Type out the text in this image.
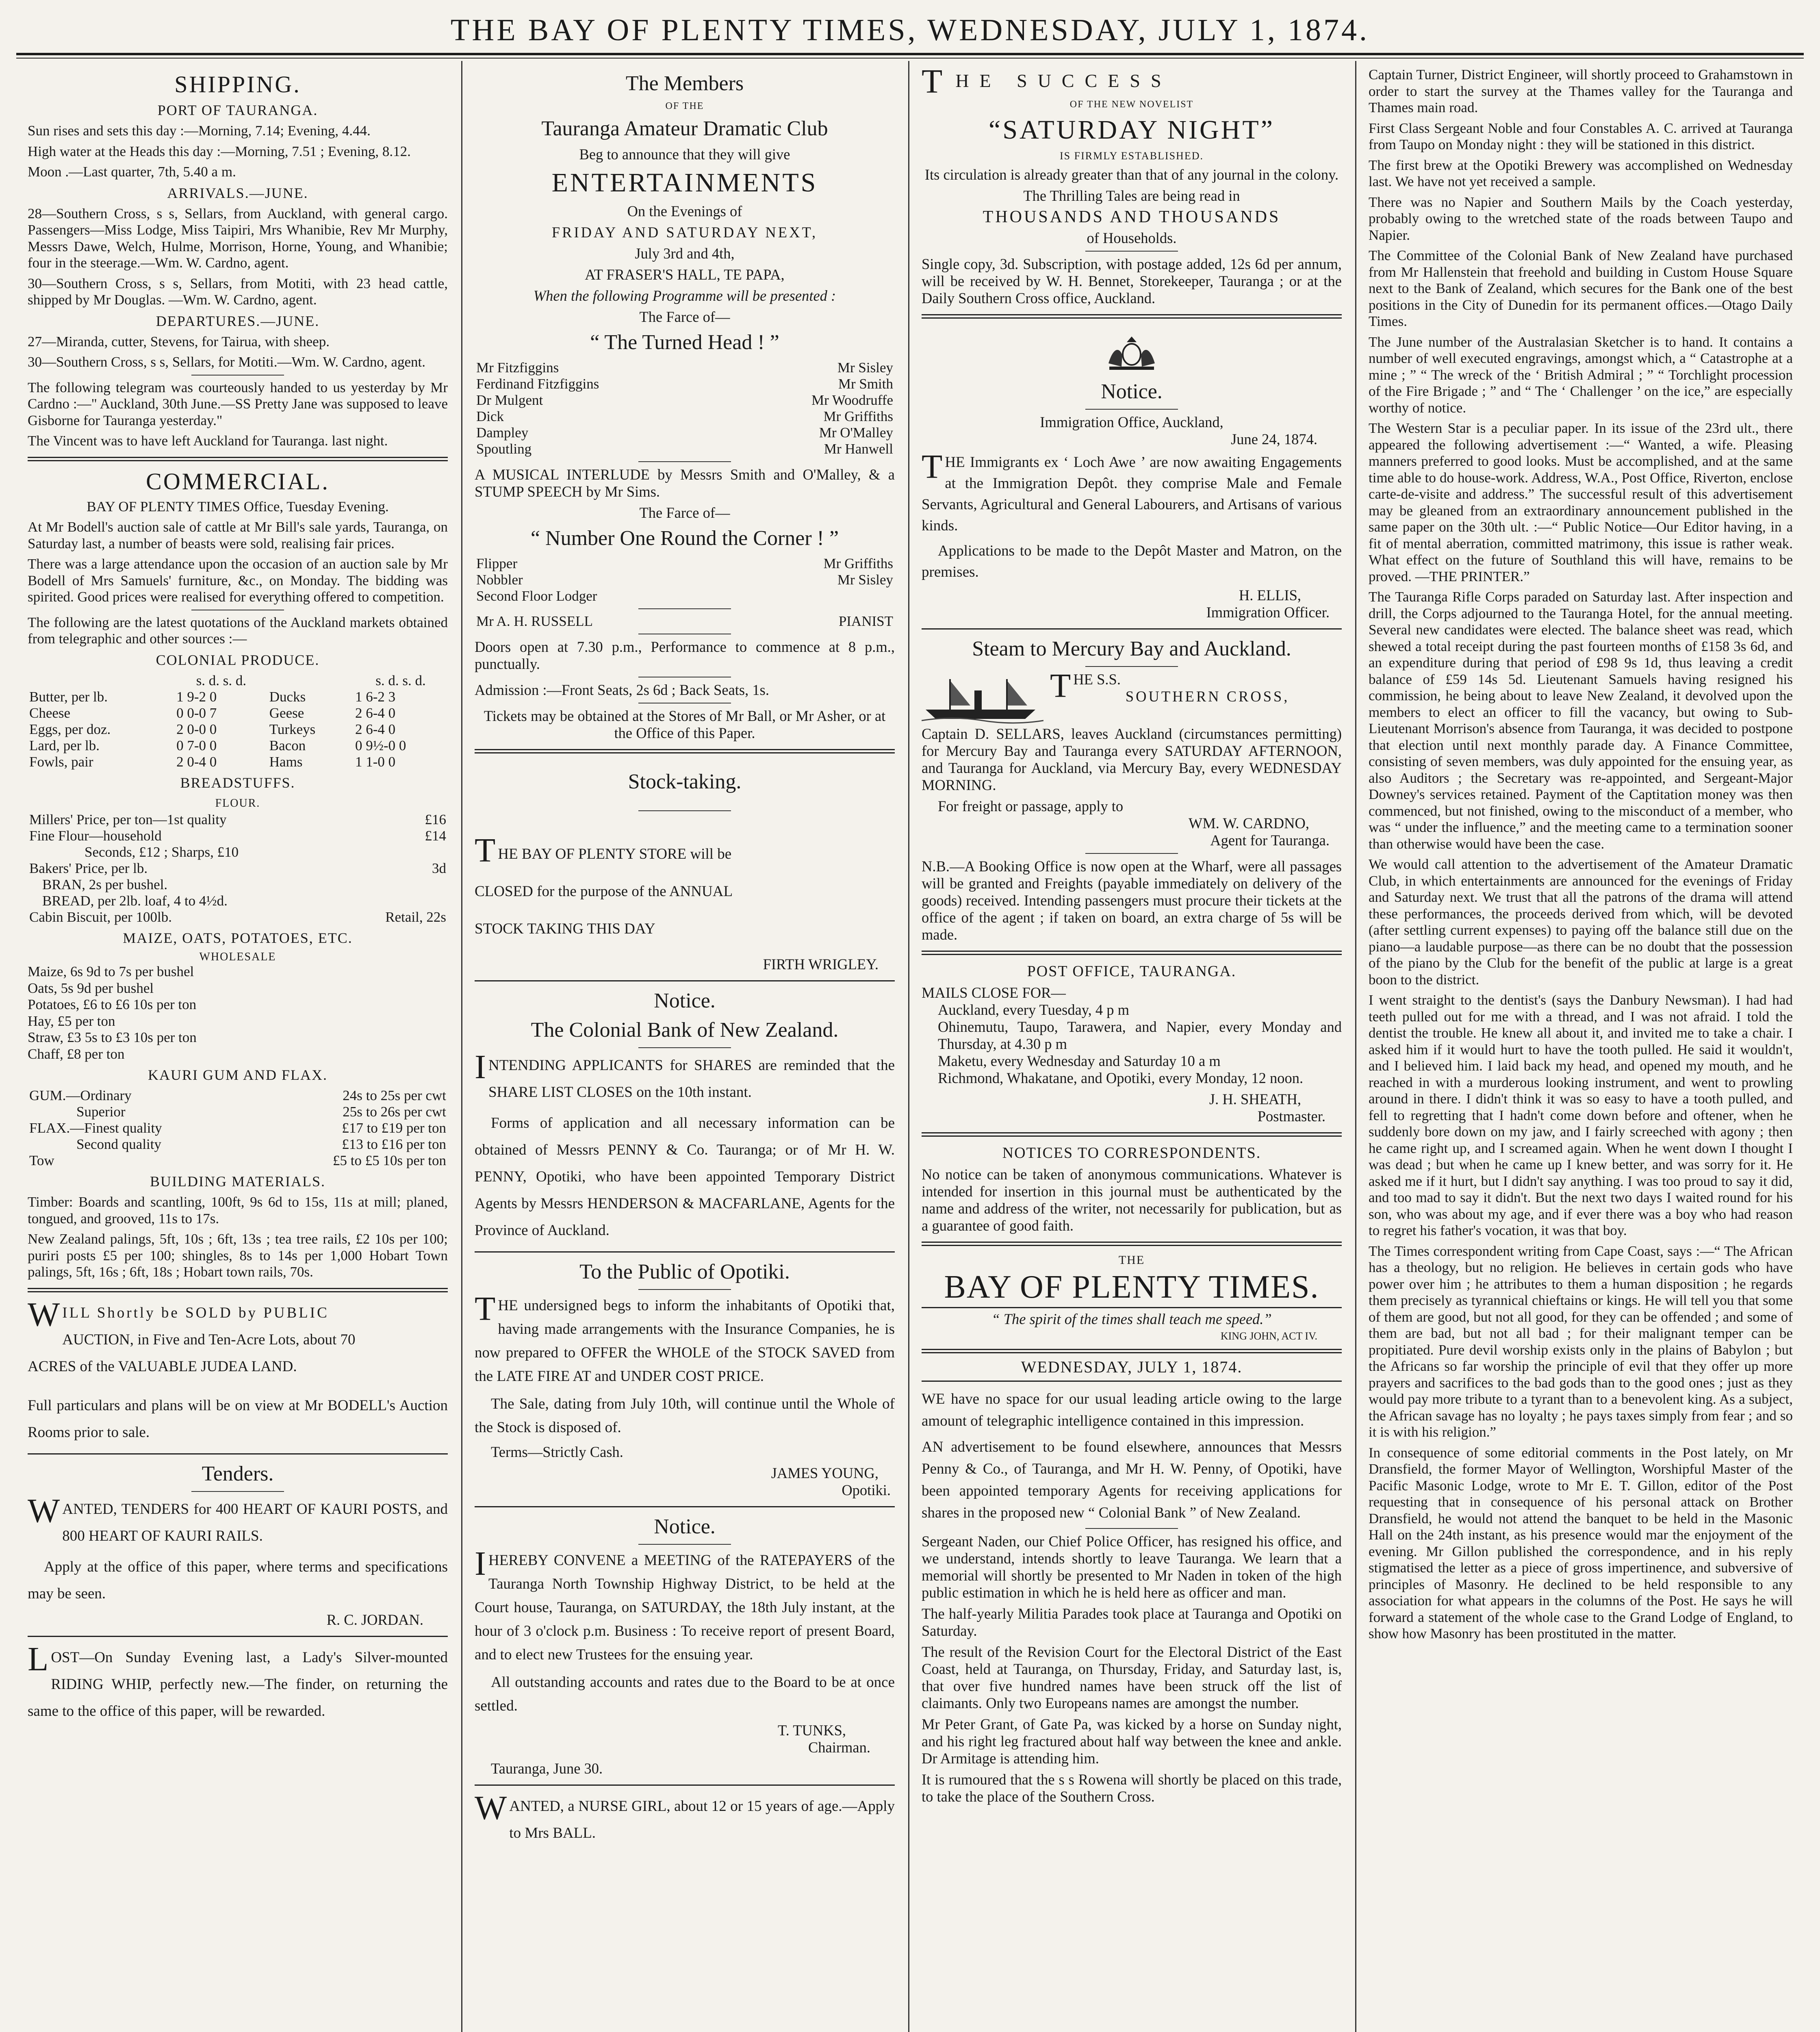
THE BAY OF PLENTY TIMES, WEDNESDAY, JULY 1, 1874.
SHIPPING.
PORT OF TAURANGA.

Sun rises and sets this day :—Morning, 7.14; Evening, 4.44.

High water at the Heads this day :—Morning, 7.51 ; Evening, 8.12.

Moon .—Last quarter, 7th, 5.40 a m.

ARRIVALS.—JUNE.

28—Southern Cross, s s, Sellars, from Auckland, with general cargo. Passengers—Miss Lodge, Miss Taipiri, Mrs Whanibie, Rev Mr Murphy, Messrs Dawe, Welch, Hulme, Morrison, Horne, Young, and Whanibie; four in the steerage.—Wm. W. Cardno, agent.

30—Southern Cross, s s, Sellars, from Motiti, with 23 head cattle, shipped by Mr Douglas. —Wm. W. Cardno, agent.

DEPARTURES.—JUNE.

27—Miranda, cutter, Stevens, for Tairua, with sheep.

30—Southern Cross, s s, Sellars, for Motiti.—Wm. W. Cardno, agent.

The following telegram was courteously handed to us yesterday by Mr Cardno :—" Auckland, 30th June.—SS Pretty Jane was supposed to leave Gisborne for Tauranga yesterday."

The Vincent was to have left Auckland for Tauranga. last night.

COMMERCIAL.

BAY OF PLENTY TIMES Office, Tuesday Evening.

At Mr Bodell's auction sale of cattle at Mr Bill's sale yards, Tauranga, on Saturday last, a number of beasts were sold, realising fair prices.

There was a large attendance upon the occasion of an auction sale by Mr Bodell of Mrs Samuels' furniture, &c., on Monday. The bidding was spirited. Good prices were realised for everything offered to competition.

The following are the latest quotations of the Auckland markets obtained from telegraphic and other sources :—

COLONIAL PRODUCE.
	s. d. s. d.		s. d. s. d.
Butter, per lb.	1 9-2 0	Ducks	1 6-2 3
Cheese	0 0-0 7	Geese	2 6-4 0
Eggs, per doz.	2 0-0 0	Turkeys	2 6-4 0
Lard, per lb.	0 7-0 0	Bacon	0 9½-0 0
Fowls, pair	2 0-4 0	Hams	1 1-0 0
BREADSTUFFS.
FLOUR.
Millers' Price, per ton—1st quality	£16
Fine Flour—household	£14
Seconds, £12 ; Sharps, £10	
Bakers' Price, per lb.	3d
BRAN, 2s per bushel.	
BREAD, per 2lb. loaf, 4 to 4½d.	
Cabin Biscuit, per 100lb.	Retail, 22s
MAIZE, OATS, POTATOES, ETC.
WHOLESALE

Maize, 6s 9d to 7s per bushel

Oats, 5s 9d per bushel

Potatoes, £6 to £6 10s per ton

Hay, £5 per ton

Straw, £3 5s to £3 10s per ton

Chaff, £8 per ton

KAURI GUM AND FLAX.
GUM.—Ordinary	24s to 25s per cwt
Superior	25s to 26s per cwt
FLAX.—Finest quality	£17 to £19 per ton
Second quality	£13 to £16 per ton
Tow	£5 to £5 10s per ton
BUILDING MATERIALS.

Timber: Boards and scantling, 100ft, 9s 6d to 15s, 11s at mill; planed, tongued, and grooved, 11s to 17s.

New Zealand palings, 5ft, 10s ; 6ft, 13s ; tea tree rails, £2 10s per 100; puriri posts £5 per 100; shingles, 8s to 14s per 1,000 Hobart Town palings, 5ft, 16s ; 6ft, 18s ; Hobart town rails, 70s.

W ILL Shortly be SOLD by PUBLIC
AUCTION, in Five and Ten-Acre Lots, about 70
ACRES of the VALUABLE JUDEA LAND.

Full particulars and plans will be on view at Mr BODELL's Auction Rooms prior to sale.

Tenders.

WANTED, TENDERS for 400 HEART OF KAURI POSTS, and 800 HEART OF KAURI RAILS.

Apply at the office of this paper, where terms and specifications may be seen.

R. C. JORDAN.

LOST—On Sunday Evening last, a Lady's Silver-mounted RIDING WHIP, perfectly new.—The finder, on returning the same to the office of this paper, will be rewarded.

The Members
OF THE
Tauranga Amateur Dramatic Club

Beg to announce that they will give

ENTERTAINMENTS

On the Evenings of

FRIDAY AND SATURDAY NEXT,

July 3rd and 4th,

AT FRASER'S HALL, TE PAPA,

When the following Programme will be presented :

The Farce of—

“ The Turned Head ! ”
Mr Fitzfiggins	Mr Sisley
Ferdinand Fitzfiggins	Mr Smith
Dr Mulgent	Mr Woodruffe
Dick	Mr Griffiths
Dampley	Mr O'Malley
Spoutling	Mr Hanwell

A MUSICAL INTERLUDE by Messrs Smith and O'Malley, & a STUMP SPEECH by Mr Sims.

The Farce of—

“ Number One Round the Corner ! ”
Flipper	Mr Griffiths
Nobbler	Mr Sisley
Second Floor Lodger	
Mr A. H. RUSSELL	PIANIST

Doors open at 7.30 p.m., Performance to commence at 8 p.m., punctually.

Admission :—Front Seats, 2s 6d ; Back Seats, 1s.

Tickets may be obtained at the Stores of Mr Ball, or Mr Asher, or at the Office of this Paper.

Stock-taking.
T HE BAY OF PLENTY STORE will be
CLOSED for the purpose of the ANNUAL
STOCK TAKING THIS DAY

FIRTH WRIGLEY.

Notice.
The Colonial Bank of New Zealand.

INTENDING APPLICANTS for SHARES are reminded that the SHARE LIST CLOSES on the 10th instant.

Forms of application and all necessary information can be obtained of Messrs PENNY & Co. Tauranga; or of Mr H. W. PENNY, Opotiki, who have been appointed Temporary District Agents by Messrs HENDERSON & MACFARLANE, Agents for the Province of Auckland.

To the Public of Opotiki.

THE undersigned begs to inform the inhabitants of Opotiki that, having made arrangements with the Insurance Companies, he is now prepared to OFFER the WHOLE of the STOCK SAVED from the LATE FIRE AT and UNDER COST PRICE.

The Sale, dating from July 10th, will continue until the Whole of the Stock is disposed of.

Terms—Strictly Cash.

JAMES YOUNG,

Opotiki.

Notice.

IHEREBY CONVENE a MEETING of the RATEPAYERS of the Tauranga North Township Highway District, to be held at the Court house, Tauranga, on SATURDAY, the 18th July instant, at the hour of 3 o'clock p.m. Business : To receive report of present Board, and to elect new Trustees for the ensuing year.

All outstanding accounts and rates due to the Board to be at once settled.

T. TUNKS,

Chairman.

Tauranga, June 30.

WANTED, a NURSE GIRL, about 12 or 15 years of age.—Apply to Mrs BALL.

THE SUCCESS
OF THE NEW NOVELIST
“SATURDAY NIGHT”
IS FIRMLY ESTABLISHED.

Its circulation is already greater than that of any journal in the colony.

The Thrilling Tales are being read in

THOUSANDS AND THOUSANDS

of Households.

Single copy, 3d. Subscription, with postage added, 12s 6d per annum, will be received by W. H. Bennet, Storekeeper, Tauranga ; or at the Daily Southern Cross office, Auckland.

Notice.

Immigration Office, Auckland,

June 24, 1874.

THE Immigrants ex ‘ Loch Awe ’ are now awaiting Engagements at the Immigration Depôt. they comprise Male and Female Servants, Agricultural and General Labourers, and Artisans of various kinds.

Applications to be made to the Depôt Master and Matron, on the premises.

H. ELLIS,

Immigration Officer.

Steam to Mercury Bay and Auckland.

THE S.S.

SOUTHERN CROSS,

Captain D. SELLARS, leaves Auckland (circumstances permitting) for Mercury Bay and Tauranga every SATURDAY AFTERNOON, and Tauranga for Auckland, via Mercury Bay, every WEDNESDAY MORNING.

For freight or passage, apply to

WM. W. CARDNO,

Agent for Tauranga.

N.B.—A Booking Office is now open at the Wharf, were all passages will be granted and Freights (payable immediately on delivery of the goods) received. Intending passengers must procure their tickets at the office of the agent ; if taken on board, an extra charge of 5s will be made.

POST OFFICE, TAURANGA.

MAILS CLOSE FOR—

Auckland, every Tuesday, 4 p m

Ohinemutu, Taupo, Tarawera, and Napier, every Monday and Thursday, at 4.30 p m

Maketu, every Wednesday and Saturday 10 a m

Richmond, Whakatane, and Opotiki, every Monday, 12 noon.

J. H. SHEATH,

Postmaster.

NOTICES TO CORRESPONDENTS.

No notice can be taken of anonymous communications. Whatever is intended for insertion in this journal must be authenticated by the name and address of the writer, not necessarily for publication, but as a guarantee of good faith.

THE
BAY OF PLENTY TIMES.

“ The spirit of the times shall teach me speed.”

KING JOHN, ACT IV.

WEDNESDAY, JULY 1, 1874.

WE have no space for our usual leading article owing to the large amount of telegraphic intelligence contained in this impression.

AN advertisement to be found elsewhere, announces that Messrs Penny & Co., of Tauranga, and Mr H. W. Penny, of Opotiki, have been appointed temporary Agents for receiving applications for shares in the proposed new “ Colonial Bank ” of New Zealand.

Sergeant Naden, our Chief Police Officer, has resigned his office, and we understand, intends shortly to leave Tauranga. We learn that a memorial will shortly be presented to Mr Naden in token of the high public estimation in which he is held here as officer and man.

The half-yearly Militia Parades took place at Tauranga and Opotiki on Saturday.

The result of the Revision Court for the Electoral District of the East Coast, held at Tauranga, on Thursday, Friday, and Saturday last, is, that over five hundred names have been struck off the list of claimants. Only two Europeans names are amongst the number.

Mr Peter Grant, of Gate Pa, was kicked by a horse on Sunday night, and his right leg fractured about half way between the knee and ankle. Dr Armitage is attending him.

It is rumoured that the s s Rowena will shortly be placed on this trade, to take the place of the Southern Cross.

Captain Turner, District Engineer, will shortly proceed to Grahamstown in order to start the survey at the Thames valley for the Tauranga and Thames main road.

First Class Sergeant Noble and four Constables A. C. arrived at Tauranga from Taupo on Monday night : they will be stationed in this district.

The first brew at the Opotiki Brewery was accomplished on Wednesday last. We have not yet received a sample.

There was no Napier and Southern Mails by the Coach yesterday, probably owing to the wretched state of the roads between Taupo and Napier.

The Committee of the Colonial Bank of New Zealand have purchased from Mr Hallenstein that freehold and building in Custom House Square next to the Bank of Zealand, which secures for the Bank one of the best positions in the City of Dunedin for its permanent offices.—Otago Daily Times.

The June number of the Australasian Sketcher is to hand. It contains a number of well executed engravings, amongst which, a “ Catastrophe at a mine ; ” “ The wreck of the ‘ British Admiral ; ” “ Torchlight procession of the Fire Brigade ; ” and “ The ‘ Challenger ’ on the ice,” are especially worthy of notice.

The Western Star is a peculiar paper. In its issue of the 23rd ult., there appeared the following advertisement :—“ Wanted, a wife. Pleasing manners preferred to good looks. Must be accomplished, and at the same time able to do house-work. Address, W.A., Post Office, Riverton, enclose carte-de-visite and address.” The successful result of this advertisement may be gleaned from an extraordinary announcement published in the same paper on the 30th ult. :—“ Public Notice—Our Editor having, in a fit of mental aberration, committed matrimony, this issue is rather weak. What effect on the future of Southland this will have, remains to be proved. —THE PRINTER.”

The Tauranga Rifle Corps paraded on Saturday last. After inspection and drill, the Corps adjourned to the Tauranga Hotel, for the annual meeting. Several new candidates were elected. The balance sheet was read, which shewed a total receipt during the past fourteen months of £158 3s 6d, and an expenditure during that period of £98 9s 1d, thus leaving a credit balance of £59 14s 5d. Lieutenant Samuels having resigned his commission, he being about to leave New Zealand, it devolved upon the members to elect an officer to fill the vacancy, but owing to Sub-Lieutenant Morrison's absence from Tauranga, it was decided to postpone that election until next monthly parade day. A Finance Committee, consisting of seven members, was duly appointed for the ensuing year, as also Auditors ; the Secretary was re-appointed, and Sergeant-Major Downey's services retained. Payment of the Captitation money was then commenced, but not finished, owing to the misconduct of a member, who was “ under the influence,” and the meeting came to a termination sooner than otherwise would have been the case.

We would call attention to the advertisement of the Amateur Dramatic Club, in which entertainments are announced for the evenings of Friday and Saturday next. We trust that all the patrons of the drama will attend these performances, the proceeds derived from which, will be devoted (after settling current expenses) to paying off the balance still due on the piano—a laudable purpose—as there can be no doubt that the possession of the piano by the Club for the benefit of the public at large is a great boon to the district.

I went straight to the dentist's (says the Danbury Newsman). I had had teeth pulled out for me with a thread, and I was not afraid. I told the dentist the trouble. He knew all about it, and invited me to take a chair. I asked him if it would hurt to have the tooth pulled. He said it wouldn't, and I believed him. I laid back my head, and opened my mouth, and he reached in with a murderous looking instrument, and went to prowling around in there. I didn't think it was so easy to have a tooth pulled, and fell to regretting that I hadn't come down before and oftener, when he suddenly bore down on my jaw, and I fairly screeched with agony ; then he came right up, and I screamed again. When he went down I thought I was dead ; but when he came up I knew better, and was sorry for it. He asked me if it hurt, but I didn't say anything. I was too proud to say it did, and too mad to say it didn't. But the next two days I waited round for his son, who was about my age, and if ever there was a boy who had reason to regret his father's vocation, it was that boy.

The Times correspondent writing from Cape Coast, says :—“ The African has a theology, but no religion. He believes in certain gods who have power over him ; he attributes to them a human disposition ; he regards them precisely as tyrannical chieftains or kings. He will tell you that some of them are good, but not all good, for they can be offended ; and some of them are bad, but not all bad ; for their malignant temper can be propitiated. Pure devil worship exists only in the plains of Babylon ; but the Africans so far worship the principle of evil that they offer up more prayers and sacrifices to the bad gods than to the good ones ; just as they would pay more tribute to a tyrant than to a benevolent king. As a subject, the African savage has no loyalty ; he pays taxes simply from fear ; and so it is with his religion.”

In consequence of some editorial comments in the Post lately, on Mr Dransfield, the former Mayor of Wellington, Worshipful Master of the Pacific Masonic Lodge, wrote to Mr E. T. Gillon, editor of the Post requesting that in consequence of his personal attack on Brother Dransfield, he would not attend the banquet to be held in the Masonic Hall on the 24th instant, as his presence would mar the enjoyment of the evening. Mr Gillon published the correspondence, and in his reply stigmatised the letter as a piece of gross impertinence, and subversive of principles of Masonry. He declined to be held responsible to any association for what appears in the columns of the Post. He says he will forward a statement of the whole case to the Grand Lodge of England, to show how Masonry has been prostituted in the matter.
